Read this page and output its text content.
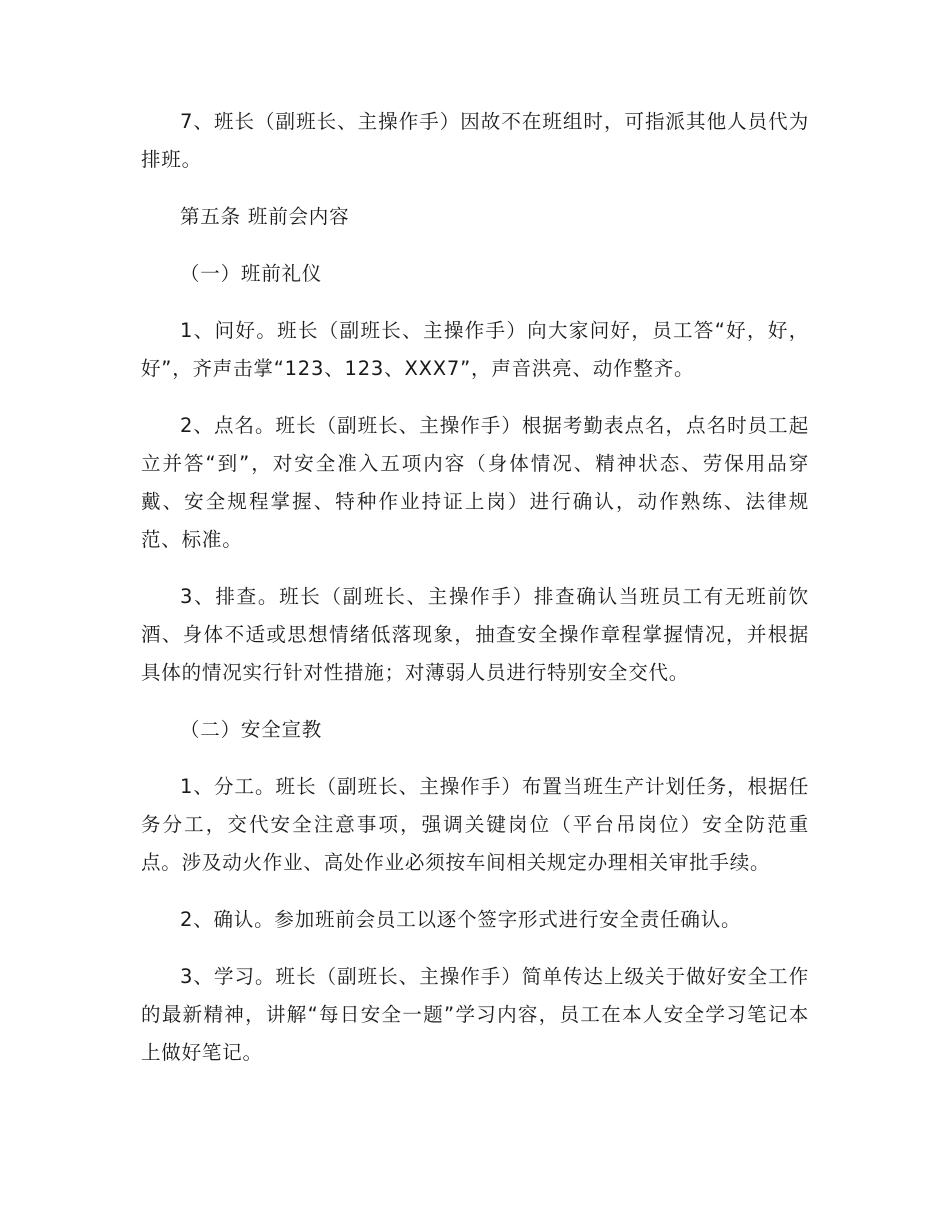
7、班长（副班长、主操作手）因故不在班组时，可指派其他人员代为排班。

第五条 班前会内容

（一）班前礼仪

1、问好。班长（副班长、主操作手）向大家问好，员工答“好，好，好”，齐声击掌“123、123、XXX7”，声音洪亮、动作整齐。

2、点名。班长（副班长、主操作手）根据考勤表点名，点名时员工起立并答“到”，对安全准入五项内容（身体情况、精神状态、劳保用品穿戴、安全规程掌握、特种作业持证上岗）进行确认，动作熟练、法律规范、标准。

3、排查。班长（副班长、主操作手）排查确认当班员工有无班前饮酒、身体不适或思想情绪低落现象，抽查安全操作章程掌握情况，并根据具体的情况实行针对性措施；对薄弱人员进行特别安全交代。

（二）安全宣教

1、分工。班长（副班长、主操作手）布置当班生产计划任务，根据任务分工，交代安全注意事项，强调关键岗位（平台吊岗位）安全防范重点。涉及动火作业、高处作业必须按车间相关规定办理相关审批手续。

2、确认。参加班前会员工以逐个签字形式进行安全责任确认。

3、学习。班长（副班长、主操作手）简单传达上级关于做好安全工作的最新精神，讲解“每日安全一题”学习内容，员工在本人安全学习笔记本上做好笔记。
